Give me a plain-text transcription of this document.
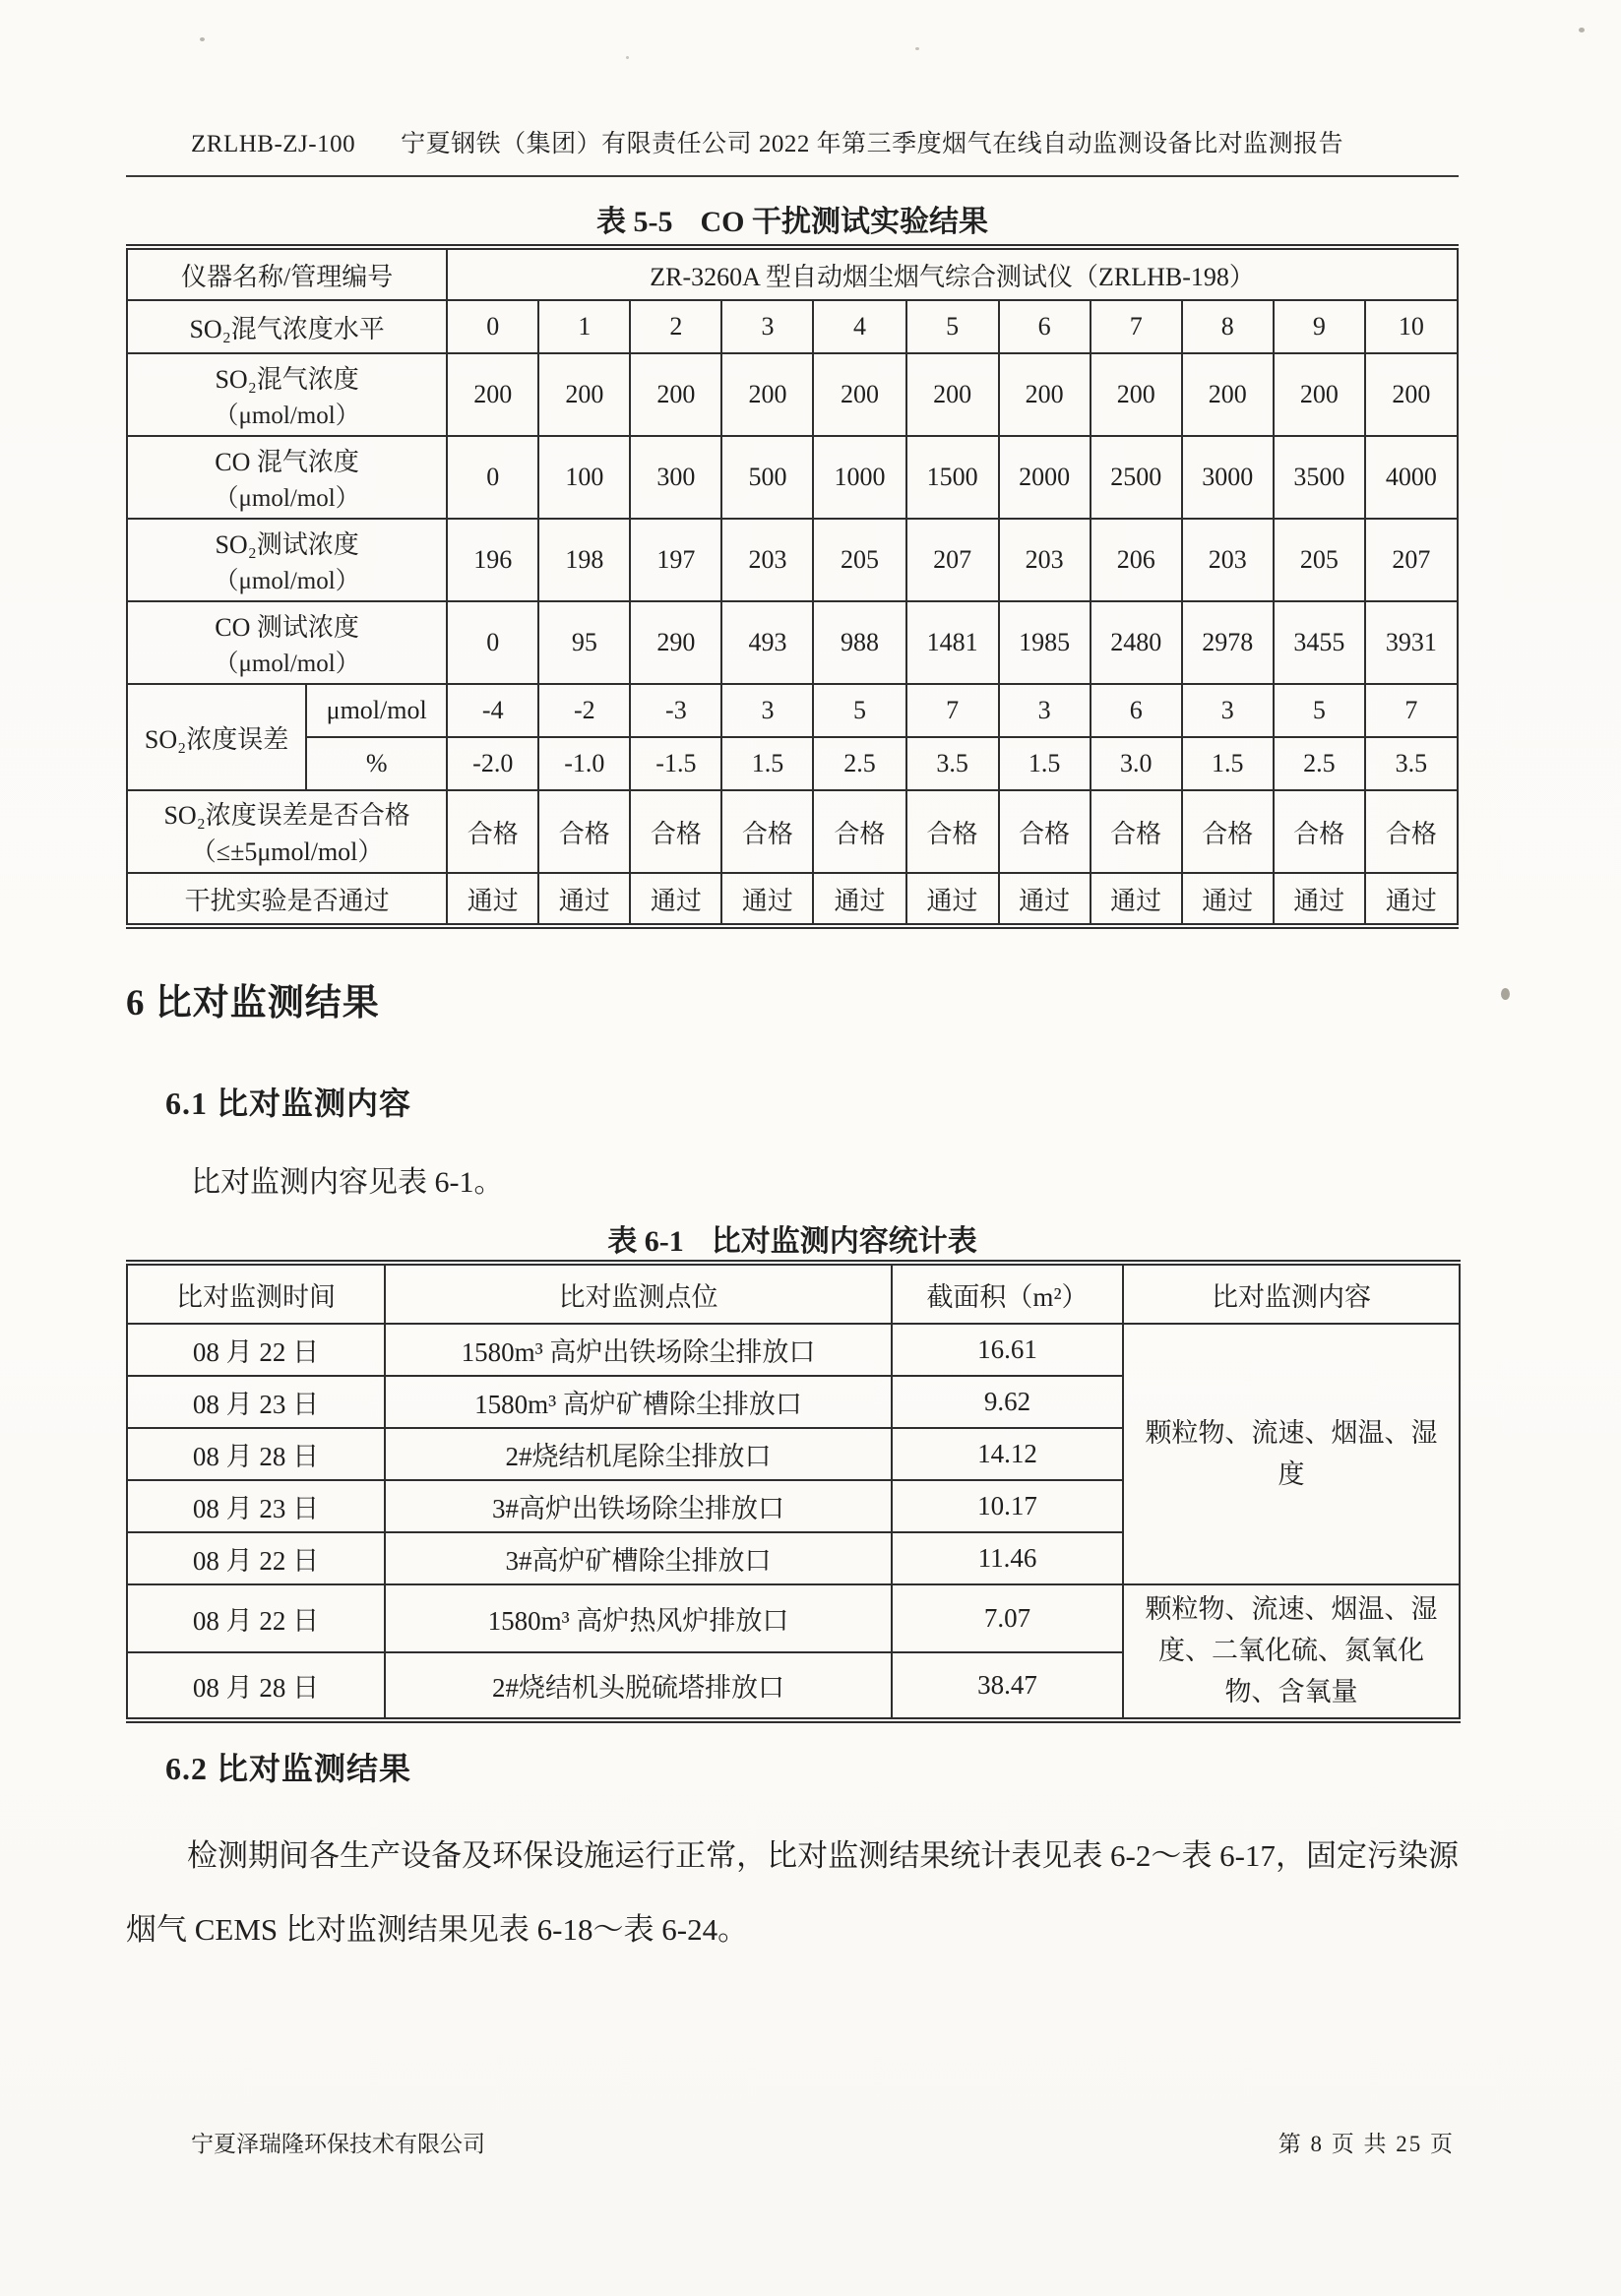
ZRLHB-ZJ-100 宁夏钢铁（集团）有限责任公司 2022 年第三季度烟气在线自动监测设备比对监测报告
表 5-5 CO 干扰测试实验结果
仪器名称/管理编号		ZR-3260A 型自动烟尘烟气综合测试仪（ZRLHB-198）										
SO₂混气浓度水平		0	1	2	3	4	5	6	7	8	9	10

SO₂混气浓度
（μmol/mol）		200	200	200	200	200	200	200	200	200	200	200

CO 混气浓度
（μmol/mol）		0	100	300	500	1000	1500	2000	2500	3000	3500	4000

SO₂测试浓度
（μmol/mol）		196	198	197	203	205	207	203	206	203	205	207

CO 测试浓度
（μmol/mol）		0	95	290	493	988	1481	1985	2480	2978	3455	3931
SO₂浓度误差	μmol/mol	-4	-2	-3	3	5	7	3	6	3	5	7
	%	-2.0	-1.0	-1.5	1.5	2.5	3.5	1.5	3.0	1.5	2.5	3.5
SO₂浓度误差是否合格（≤±5μmol/mol）		合格	合格	合格	合格	合格	合格	合格	合格	合格	合格	合格
干扰实验是否通过		通过	通过	通过	通过	通过	通过	通过	通过	通过	通过	通过
6 比对监测结果
6.1 比对监测内容
比对监测内容见表 6-1。
表 6-1 比对监测内容统计表
比对监测时间	比对监测点位	截面积（m²）	比对监测内容
08 月 22 日	1580m³ 高炉出铁场除尘排放口	16.61	颗粒物、流速、烟温、湿度
08 月 23 日	1580m³ 高炉矿槽除尘排放口	9.62	
08 月 28 日	2#烧结机尾除尘排放口	14.12	
08 月 23 日	3#高炉出铁场除尘排放口	10.17	
08 月 22 日	3#高炉矿槽除尘排放口	11.46	
08 月 22 日	1580m³ 高炉热风炉排放口	7.07	颗粒物、流速、烟温、湿度、二氧化硫、氮氧化物、含氧量
08 月 28 日	2#烧结机头脱硫塔排放口	38.47	
6.2 比对监测结果
检测期间各生产设备及环保设施运行正常，比对监测结果统计表见表 6-2～表 6-17，固定污染源烟气 CEMS 比对监测结果见表 6-18～表 6-24。
宁夏泽瑞隆环保技术有限公司	第 8 页 共 25 页
